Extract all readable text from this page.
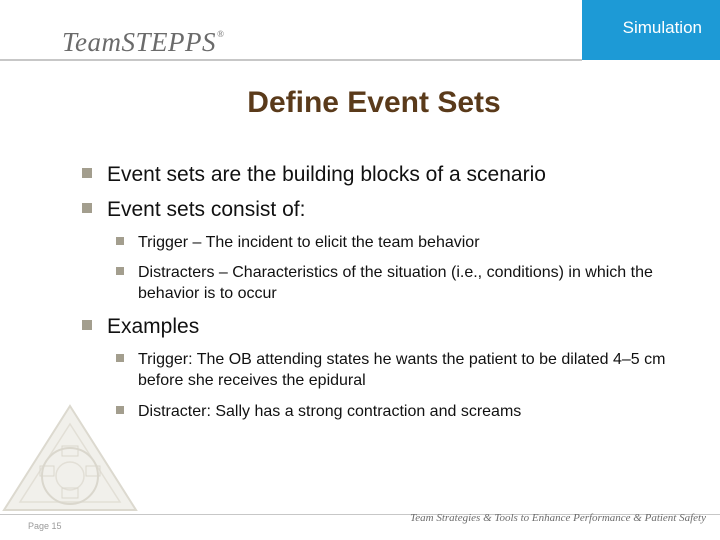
TeamSTEPPS®	Simulation
Define Event Sets
Event sets are the building blocks of a scenario
Event sets consist of:
Trigger – The incident to elicit the team behavior
Distracters – Characteristics of the situation (i.e., conditions) in which the behavior is to occur
Examples
Trigger: The OB attending states he wants the patient to be dilated 4–5 cm before she receives the epidural
Distracter: Sally has a strong contraction and screams
Page 15
Team Strategies & Tools to Enhance Performance & Patient Safety
